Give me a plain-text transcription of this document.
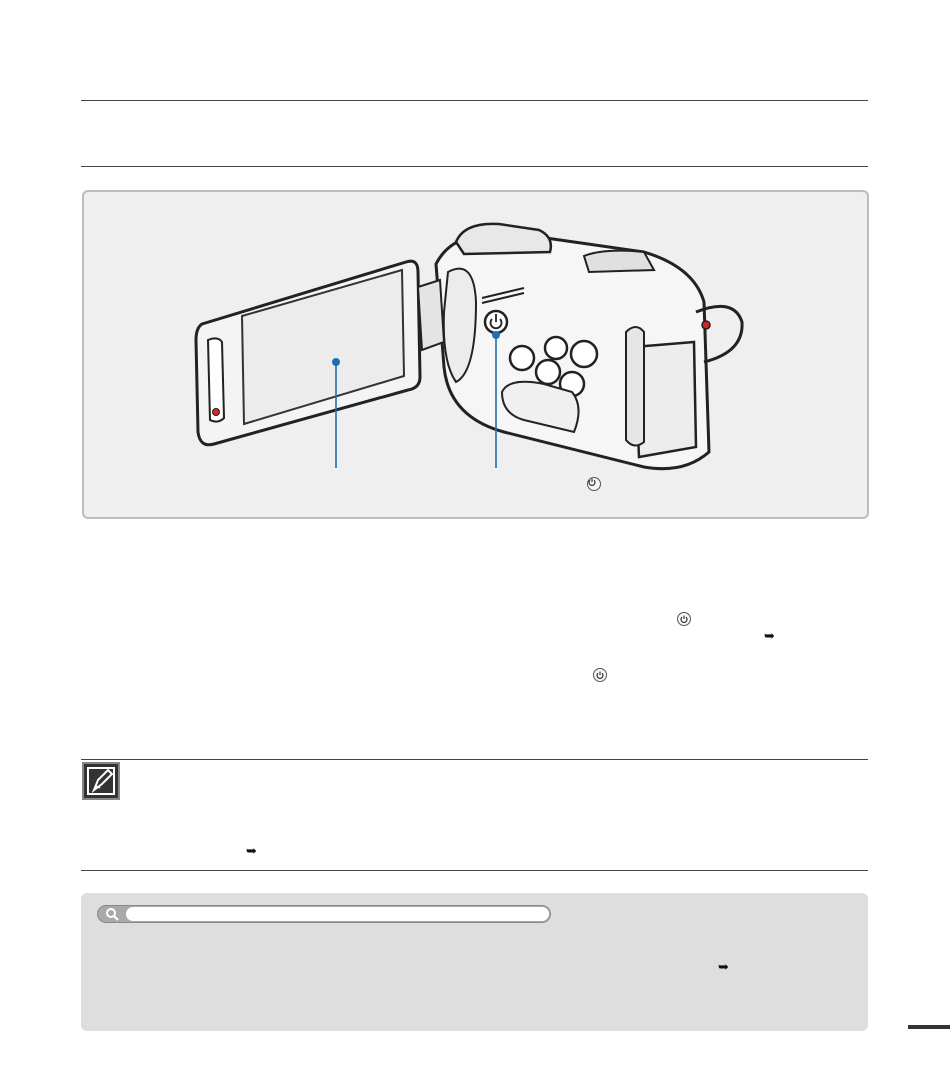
➥
➥
➥
